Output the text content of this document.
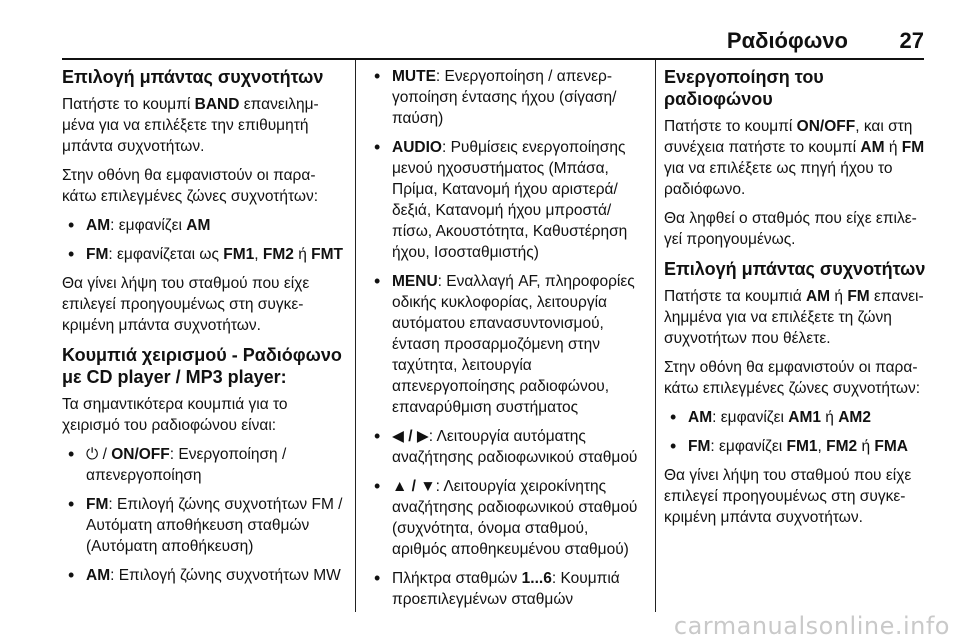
Ραδιόφωνο 27
Επιλογή μπάντας συχνοτήτων

Πατήστε το κουμπί BAND επανειλημμένα για να επιλέξετε την επιθυμητή μπάντα συχνοτήτων.

Στην οθόνη θα εμφανιστούν οι παρακάτω επιλεγμένες ζώνες συχνοτήτων:

• AM: εμφανίζει AM
• FM: εμφανίζεται ως FM1, FM2 ή FMT

Θα γίνει λήψη του σταθμού που είχε επιλεγεί προηγουμένως στη συγκεκριμένη μπάντα συχνοτήτων.

Κουμπιά χειρισμού - Ραδιόφωνο με CD player / MP3 player:

Τα σημαντικότερα κουμπιά για το χειρισμό του ραδιοφώνου είναι:

• ⏻ / ON/OFF: Ενεργοποίηση / απενεργοποίηση
• FM: Επιλογή ζώνης συχνοτήτων FM / Αυτόματη αποθήκευση σταθμών (Αυτόματη αποθήκευση)
• AM: Επιλογή ζώνης συχνοτήτων MW
• MUTE: Ενεργοποίηση / απενεργοποίηση έντασης ήχου (σίγαση/ παύση)
• AUDIO: Ρυθμίσεις ενεργοποίησης μενού ηχοσυστήματος (Μπάσα, Πρίμα, Κατανομή ήχου αριστερά/δεξιά, Κατανομή ήχου μπροστά/πίσω, Ακουστότητα, Καθυστέρηση ήχου, Ισοσταθμιστής)
• MENU: Εναλλαγή AF, πληροφορίες οδικής κυκλοφορίας, λειτουργία αυτόματου επανασυντονισμού, ένταση προσαρμοζόμενη στην ταχύτητα, λειτουργία απενεργοποίησης ραδιοφώνου, επαναρύθμιση συστήματος
• ◀ / ▶: Λειτουργία αυτόματης αναζήτησης ραδιοφωνικού σταθμού
• ▲ / ▼: Λειτουργία χειροκίνητης αναζήτησης ραδιοφωνικού σταθμού (συχνότητα, όνομα σταθμού, αριθμός αποθηκευμένου σταθμού)
• Πλήκτρα σταθμών 1...6: Κουμπιά προεπιλεγμένων σταθμών
Ενεργοποίηση του ραδιοφώνου

Πατήστε το κουμπί ON/OFF, και στη συνέχεια πατήστε το κουμπί AM ή FM για να επιλέξετε ως πηγή ήχου το ραδιόφωνο.

Θα ληφθεί ο σταθμός που είχε επιλεγεί προηγουμένως.

Επιλογή μπάντας συχνοτήτων

Πατήστε τα κουμπιά AM ή FM επανειλημμένα για να επιλέξετε τη ζώνη συχνοτήτων που θέλετε.

Στην οθόνη θα εμφανιστούν οι παρακάτω επιλεγμένες ζώνες συχνοτήτων:

• AM: εμφανίζει AM1 ή AM2
• FM: εμφανίζει FM1, FM2 ή FMA

Θα γίνει λήψη του σταθμού που είχε επιλεγεί προηγουμένως στη συγκεκριμένη μπάντα συχνοτήτων.

carmanualsonline.info
